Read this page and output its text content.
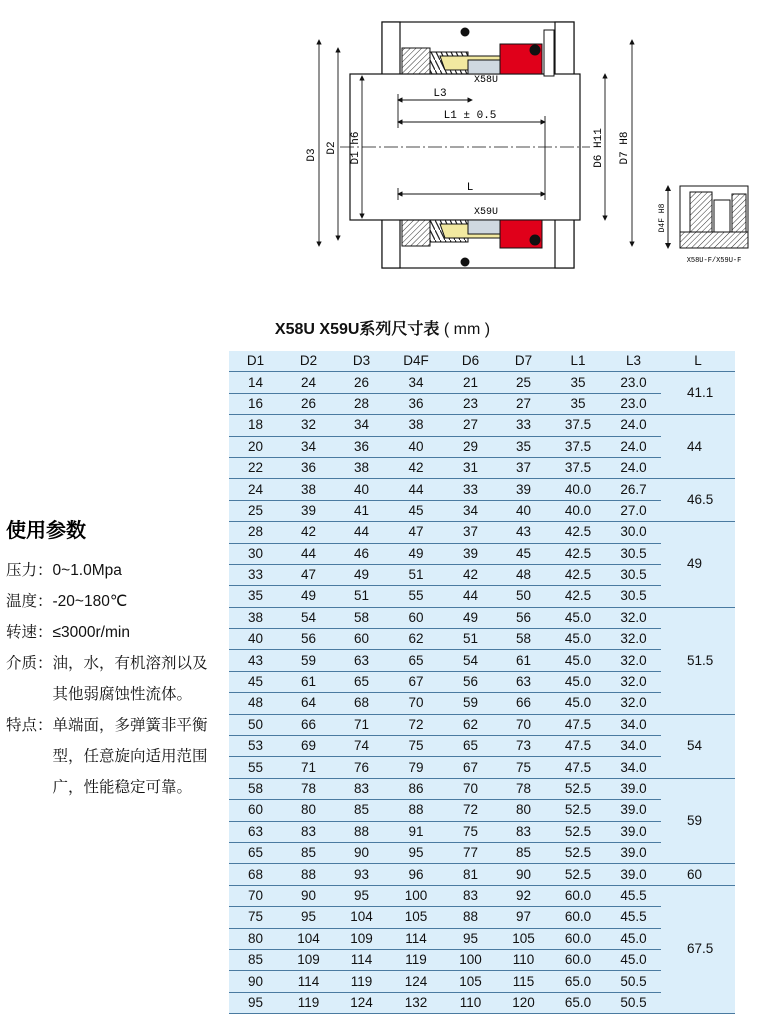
D3
D2 D1 h6	D6 H11 D7 H8
L3
L1 ± 0.5
L
X58U
X59U	D4F H8
X58U-F/X59U-F
X58U X59U系列尺寸表 ( mm )
使用参数
压力： 0~1.0Mpa
温度： -20~180℃
转速： ≤3000r/min
介质： 油，水，有机溶剂以及其他弱腐蚀性流体。
特点： 单端面，多弹簧非平衡型，任意旋向适用范围广，性能稳定可靠。
D1	D2	D3	D4F	D6	D7	L1	L3	L
14	24	26	34	21	25	35	23.0	41.1
16	26	28	36	23	27	35	23.0	
18	32	34	38	27	33	37.5	24.0	44
20	34	36	40	29	35	37.5	24.0	
22	36	38	42	31	37	37.5	24.0	
24	38	40	44	33	39	40.0	26.7	46.5
25	39	41	45	34	40	40.0	27.0	
28	42	44	47	37	43	42.5	30.0	49
30	44	46	49	39	45	42.5	30.5	
33	47	49	51	42	48	42.5	30.5	
35	49	51	55	44	50	42.5	30.5	
38	54	58	60	49	56	45.0	32.0	51.5
40	56	60	62	51	58	45.0	32.0	
43	59	63	65	54	61	45.0	32.0	
45	61	65	67	56	63	45.0	32.0	
48	64	68	70	59	66	45.0	32.0	
50	66	71	72	62	70	47.5	34.0	54
53	69	74	75	65	73	47.5	34.0	
55	71	76	79	67	75	47.5	34.0	
58	78	83	86	70	78	52.5	39.0	59
60	80	85	88	72	80	52.5	39.0	
63	83	88	91	75	83	52.5	39.0	
65	85	90	95	77	85	52.5	39.0	
68	88	93	96	81	90	52.5	39.0	60
70	90	95	100	83	92	60.0	45.5	67.5
75	95	104	105	88	97	60.0	45.5	
80	104	109	114	95	105	60.0	45.0	
85	109	114	119	100	110	60.0	45.0	
90	114	119	124	105	115	65.0	50.5	
95	119	124	132	110	120	65.0	50.5	
